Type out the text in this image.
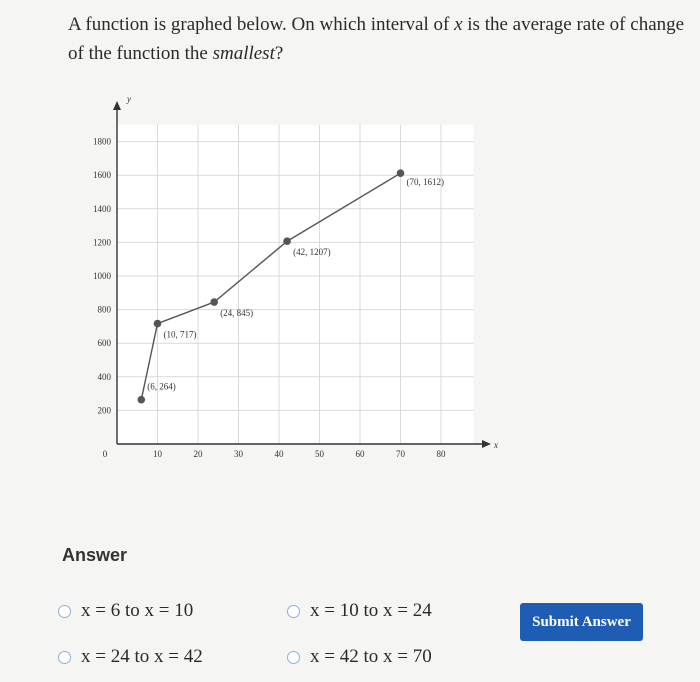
A function is graphed below. On which interval of x is the average rate of change of the function the smallest?
x
y
10	20	30	40	50	60	70	80
200
400
600
800
1000
1200
1400
1600
1800
0
(6, 264)
(10, 717)
(24, 845)
(42, 1207)
(70, 1612)
Answer
x = 6 to x = 10	x = 10 to x = 24
x = 24 to x = 42	x = 42 to x = 70
Submit Answer
